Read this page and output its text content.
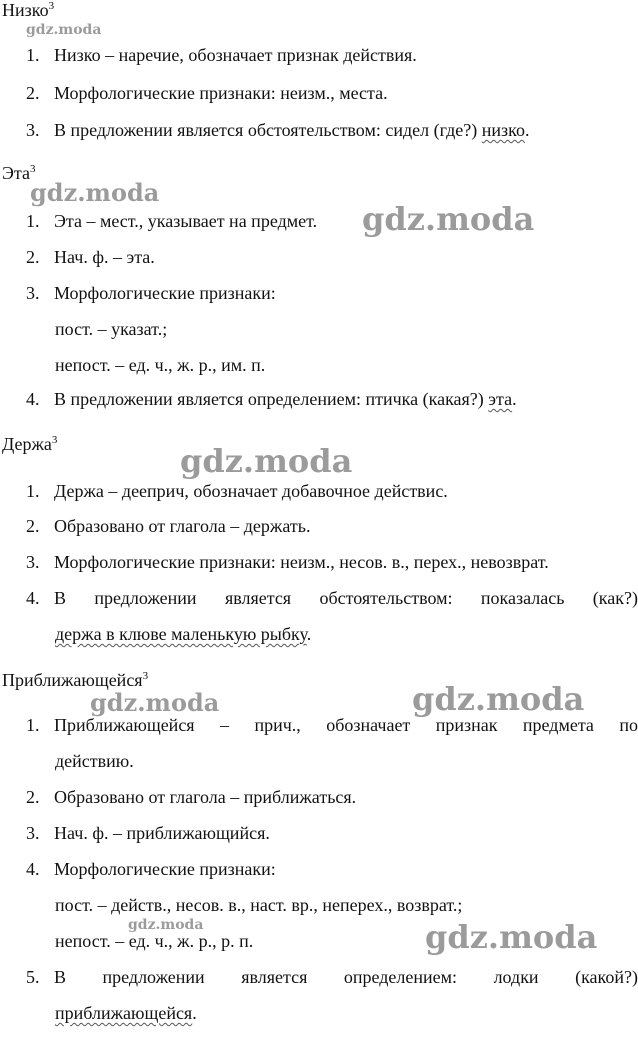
Низко$^3$
1. Низко – наречие, обозначает признак действия.
2. Морфологические признаки: неизм., места.
3. В предложении является обстоятельством: сидел (где?) низко.
Эта$^3$
1. Эта – мест., указывает на предмет.
2. Нач. ф. – эта.
3. Морфологические признаки:
пост. – указат.;
непост. – ед. ч., ж. р., им. п.
4. В предложении является определением: птичка (какая?) эта.
Держа$^3$
1. Держа – дееприч, обозначает добавочное действис.
2. Образовано от глагола – держать.
3. Морфологические признаки: неизм., несов. в., перех., невозврат.
4. В предложении является обстоятельством: показалась (как?)
держа в клюве маленькую рыбку.
Приближающейся$^3$
1. Приближающейся – прич., обозначает признак предмета по
действию.
2. Образовано от глагола – приближаться.
3. Нач. ф. – приближающийся.
4. Морфологические признаки:
пост. – действ., несов. в., наст. вр., неперех., возврат.;
непост. – ед. ч., ж. р., р. п.
5. В предложении является определением: лодки (какой?)
приближающейся.
gdz.moda
gdz.moda
gdz.moda
gdz.moda
gdz.moda	gdz.moda
gdz.moda	gdz.moda
